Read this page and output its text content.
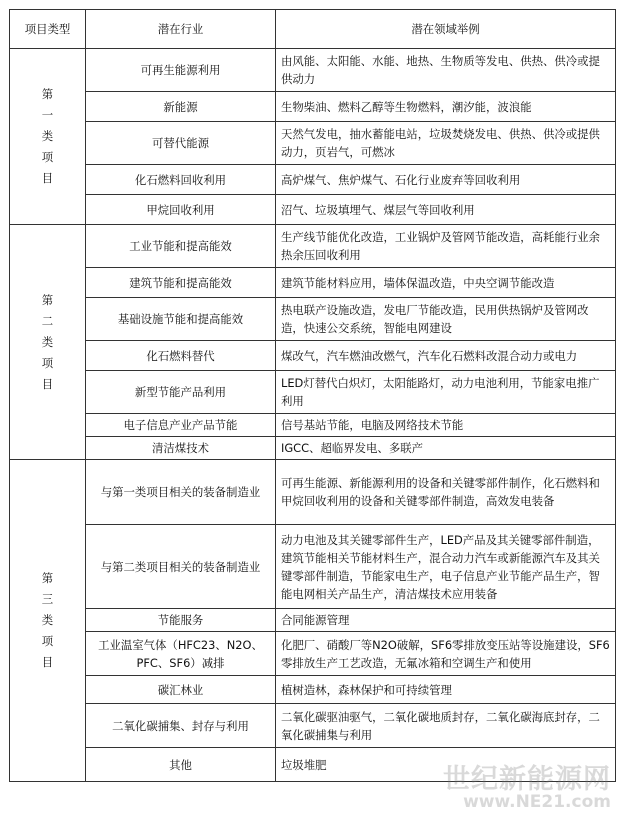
项目类型	潜在行业	潜在领域举例
第
一
类
项
目	可再生能源利用	由风能、太阳能、水能、地热、生物质等发电、供热、供冷或提供动力
	新能源	生物柴油、燃料乙醇等生物燃料，潮汐能，波浪能
	可替代能源	天然气发电，抽水蓄能电站，垃圾焚烧发电、供热、供冷或提供动力，页岩气，可燃冰
	化石燃料回收利用	高炉煤气、焦炉煤气、石化行业废弃等回收利用
	甲烷回收利用	沼气、垃圾填埋气、煤层气等回收利用
第
二
类
项
目	工业节能和提高能效	生产线节能优化改造，工业锅炉及管网节能改造，高耗能行业余热余压回收利用
	建筑节能和提高能效	建筑节能材料应用，墙体保温改造，中央空调节能改造
	基础设施节能和提高能效	热电联产设施改造，发电厂节能改造，民用供热锅炉及管网改造，快速公交系统，智能电网建设
	化石燃料替代	煤改气，汽车燃油改燃气，汽车化石燃料改混合动力或电力
	新型节能产品利用	LED灯替代白炽灯，太阳能路灯，动力电池利用，节能家电推广利用
	电子信息产业产品节能	信号基站节能，电脑及网络技术节能
	清洁煤技术	IGCC、超临界发电、多联产
第
三
类
项
目	与第一类项目相关的装备制造业	可再生能源、新能源利用的设备和关键零部件制作，化石燃料和甲烷回收利用的设备和关键零部件制造，高效发电装备
	与第二类项目相关的装备制造业	动力电池及其关键零部件生产，LED产品及其关键零部件制造，建筑节能相关节能材料生产，混合动力汽车或新能源汽车及其关键零部件制造，节能家电生产，电子信息产业节能产品生产，智能电网相关产品生产，清洁煤技术应用装备
	节能服务	合同能源管理
	工业温室气体（HFC23、N2O、PFC、SF6）减排	化肥厂、硝酸厂等N2O破解，SF6零排放变压站等设施建设，SF6零排放生产工艺改造，无氟冰箱和空调生产和使用
	碳汇林业	植树造林，森林保护和可持续管理
	二氧化碳捕集、封存与利用	二氧化碳驱油驱气，二氧化碳地质封存，二氧化碳海底封存，二氧化碳捕集与利用
	其他	垃圾堆肥	世纪新能源网
www.NE21.com
